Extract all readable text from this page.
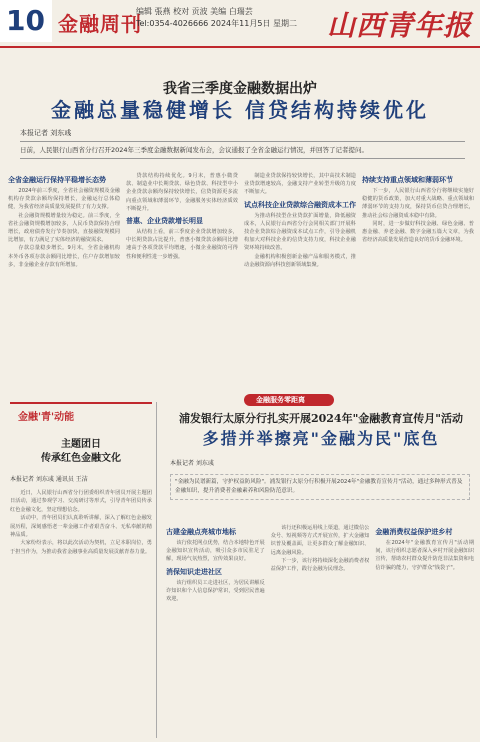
10 金融周刊
编辑 張燕 校对 贡波 美编 白瑞芸
Tel:0354-4026666 2024年11月5日 星期二 山西青年报
我省三季度金融数据出炉
金融总量稳健增长 信贷结构持续优化
本报记者 刘东彧
日前，人民银行山西省分行召开2024年三季度金融数据新闻发布会，会议通报了全省金融运行情况，并回答了记者提问。
全省金融运行保持平稳增长态势

2024年前三季度，全省社会融资规模及金融机构存贷款余额均保持增长，金融运行总体稳健，为我省经济高质量发展提供了有力支撑。

社会融资规模增量较为稳定。前三季度，全省社会融资规模增加较多，人民币贷款保持合理增长，政府债券发行节奏加快，直接融资规模同比增加，有力满足了实体经济的融资需求。

存款总量稳步增长。9月末，全省金融机构本外币各项存款余额同比增长，住户存款增加较多，非金融企业存款有所增加。

贷款结构持续优化。9月末，普惠小微贷款、制造业中长期贷款、绿色贷款、科技型中小企业贷款余额均保持较快增长，信贷资源更多流向重点领域和薄弱环节，金融服务实体经济质效不断提升。

普惠、企业贷款增长明显

从结构上看，前三季度企业贷款增加较多，中长期贷款占比提升。普惠小微贷款余额同比增速高于各项贷款平均增速，小微企业融资的可得性和便利性进一步增强。

制造业贷款保持较快增长，其中高技术制造业贷款增速较高，金融支持产业转型升级的力度不断加大。

试点科技企业贷款综合融资成本工作

为推动科技型企业贷款扩面增量，降低融资成本，人民银行山西省分行会同相关部门开展科技企业贷款综合融资成本试点工作，引导金融机构加大对科技企业的信贷支持力度，科技企业融资环境持续改善。

金融机构积极创新金融产品和服务模式，推动金融资源向科技创新领域集聚。

持续支持重点领域和薄弱环节

下一步，人民银行山西省分行将继续实施好稳健的货币政策，加大对重大战略、重点领域和薄弱环节的支持力度，保持货币信贷合理增长，推动社会综合融资成本稳中有降。

同时，进一步做好科技金融、绿色金融、普惠金融、养老金融、数字金融五篇大文章，为我省经济高质量发展营造良好的货币金融环境。

金融'青'动能
主题团日
传承红色金融文化
本报记者 刘东彧 通讯员 王洁

近日，人民银行山西省分行团委组织青年团员开展主题团日活动，通过参观学习、交流研讨等形式，引导青年团员传承红色金融文化，坚定理想信念。

活动中，青年团员们认真聆听讲解，深入了解红色金融发展历程，深刻感悟老一辈金融工作者艰苦奋斗、无私奉献的精神品质。

大家纷纷表示，将以此次活动为契机，立足本职岗位，勇于担当作为，为推动我省金融事业高质量发展贡献青春力量。

金融服务零距离
浦发银行太原分行扎实开展2024年"金融教育宣传月"活动
多措并举擦亮"金融为民"底色
本报记者 刘东彧
"金融为民谱新篇，守护权益防风险"。浦发银行太原分行积极开展2024年"金融教育宣传月"活动，通过多种形式普及金融知识，提升消费者金融素养和风险防范意识。
古建金融点亮城市地标

该行依托网点优势，结合本地特色开展金融知识宣传活动，吸引众多市民驻足了解，现场气氛热烈，宣传效果良好。

消保知识走进社区

该行组织员工走进社区，为居民讲解反诈知识和个人信息保护常识，受到居民普遍欢迎。

该行还积极运用线上渠道，通过微信公众号、短视频等方式开展宣传，扩大金融知识普及覆盖面，让更多群众了解金融知识、远离金融风险。

下一步，该行将持续深化金融消费者权益保护工作，践行金融为民理念。

金融消费权益保护进乡村

在2024年"金融教育宣传月"活动期间，该行组织志愿者深入乡村开展金融知识宣传，帮助农村群众提升防范非法集资和电信诈骗的能力，守护群众"钱袋子"。
